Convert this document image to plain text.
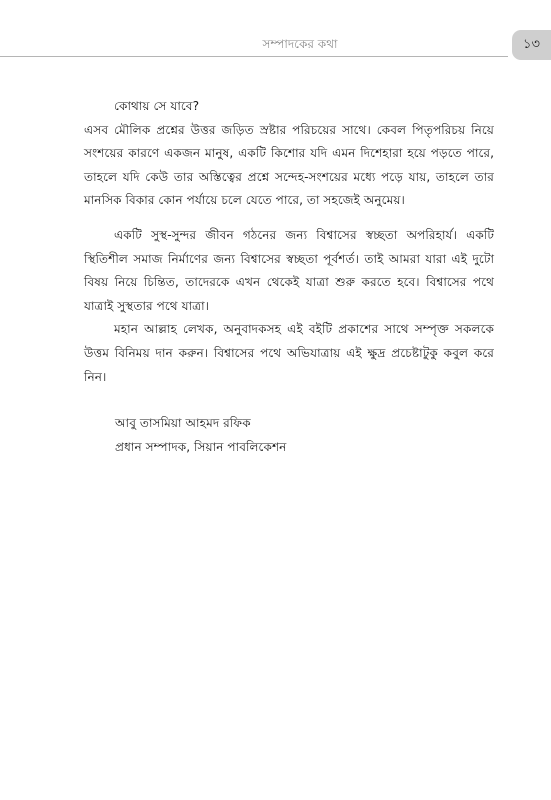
সম্পাদকের কথা	১৩

কোথায় সে যাবে?

এসব মৌলিক প্রশ্নের উত্তর জড়িত স্রষ্টার পরিচয়ের সাথে। কেবল পিতৃপরিচয় নিয়ে সংশয়ের কারণে একজন মানুষ, একটি কিশোর যদি এমন দিশেহারা হয়ে পড়তে পারে, তাহলে যদি কেউ তার অস্তিত্বের প্রশ্নে সন্দেহ-সংশয়ের মধ্যে পড়ে যায়, তাহলে তার মানসিক বিকার কোন পর্যায়ে চলে যেতে পারে, তা সহজেই অনুমেয়।

একটি সুস্থ-সুন্দর জীবন গঠনের জন্য বিশ্বাসের স্বচ্ছতা অপরিহার্য। একটি স্থিতিশীল সমাজ নির্মাণের জন্য বিশ্বাসের স্বচ্ছতা পূর্বশর্ত। তাই আমরা যারা এই দুটো বিষয় নিয়ে চিন্তিত, তাদেরকে এখন থেকেই যাত্রা শুরু করতে হবে। বিশ্বাসের পথে যাত্রাই সুস্থতার পথে যাত্রা।

মহান আল্লাহ লেখক, অনুবাদকসহ এই বইটি প্রকাশের সাথে সম্পৃক্ত সকলকে উত্তম বিনিময় দান করুন। বিশ্বাসের পথে অভিযাত্রায় এই ক্ষুদ্র প্রচেষ্টাটুকু কবুল করে নিন।

আবু তাসমিয়া আহমদ রফিক
প্রধান সম্পাদক, সিয়ান পাবলিকেশন
